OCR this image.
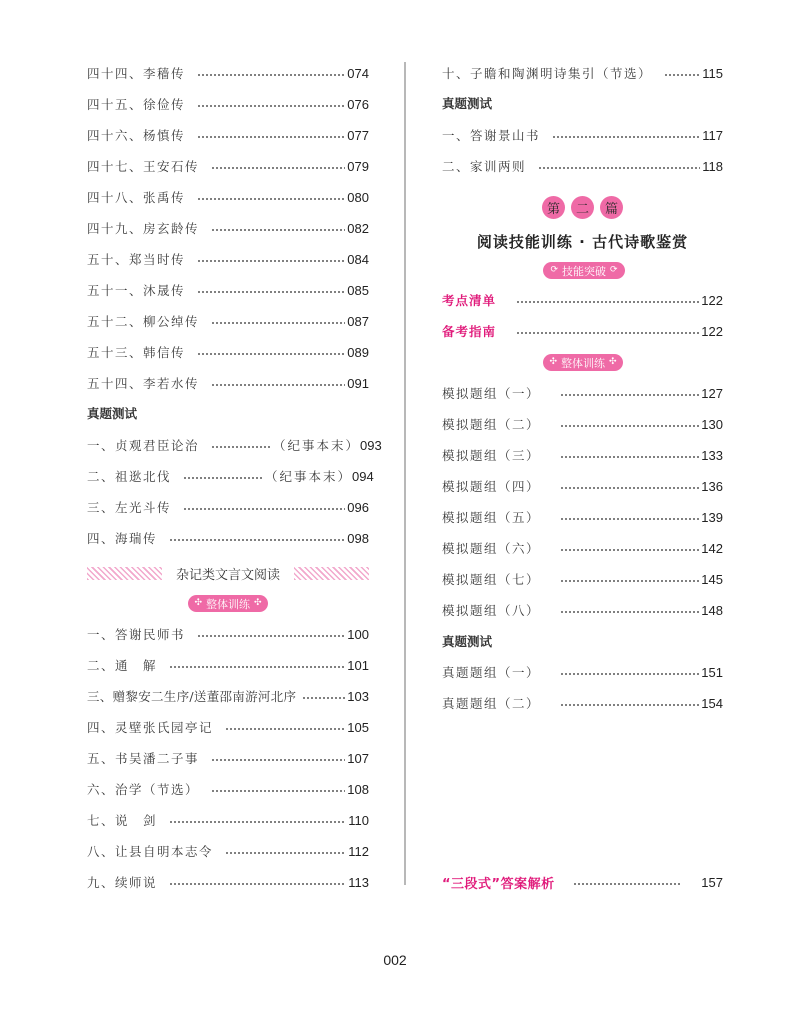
四十四、李穑传	074
四十五、徐俭传	076
四十六、杨慎传	077
四十七、王安石传	079
四十八、张禹传	080
四十九、房玄龄传	082
五十、郑当时传	084
五十一、沐晟传	085
五十二、柳公绰传	087
五十三、韩信传	089
五十四、李若水传	091
真题测试
一、贞观君臣论治	（纪事本末） 093
二、祖逖北伐	（纪事本末） 094
三、左光斗传	096
四、海瑞传	098
杂记类文言文阅读
✣ 整体训练 ✣
一、答谢民师书	100
二、通　解	101
三、赠黎安二生序/送董邵南游河北序	103
四、灵壁张氏园亭记	105
五、书吴潘二子事	107
六、治学（节选）	108
七、说　剑	110
八、让县自明本志令	112
九、续师说	113
十、子瞻和陶渊明诗集引（节选）	115
真题测试
一、答谢景山书	117
二、家训两则	118
第	二	篇
阅读技能训练 · 古代诗歌鉴赏
⟳ 技能突破 ⟳
考点清单	122
备考指南	122
✣ 整体训练 ✣
模拟题组（一）	127
模拟题组（二）	130
模拟题组（三）	133
模拟题组（四）	136
模拟题组（五）	139
模拟题组（六）	142
模拟题组（七）	145
模拟题组（八）	148
真题测试
真题题组（一）	151
真题题组（二）	154
“三段式”答案解析	157
002
